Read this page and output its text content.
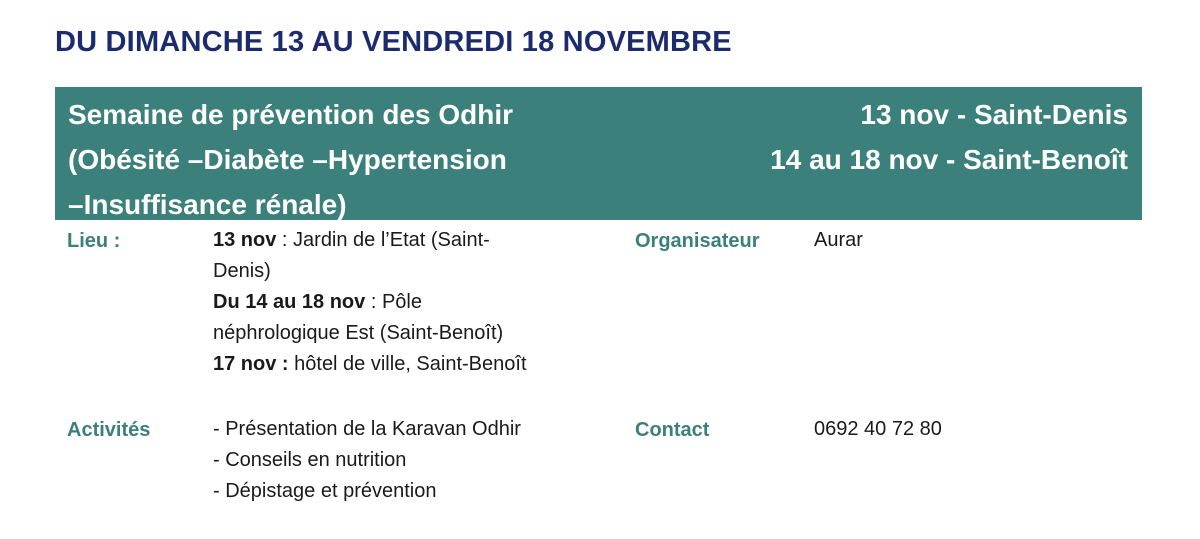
DU DIMANCHE 13 AU VENDREDI 18 NOVEMBRE
Semaine de prévention des Odhir
(Obésité –Diabète –Hypertension
–Insuffisance rénale)
13 nov - Saint-Denis
14 au 18 nov - Saint-Benoît
Lieu :	13 nov : Jardin de l’Etat (Saint-
Denis)
Du 14 au 18 nov : Pôle
néphrologique Est (Saint-Benoît)
17 nov : hôtel de ville, Saint-Benoît
Organisateur	Aurar
Activités	- Présentation de la Karavan Odhir
- Conseils en nutrition
- Dépistage et prévention
Contact	0692 40 72 80
